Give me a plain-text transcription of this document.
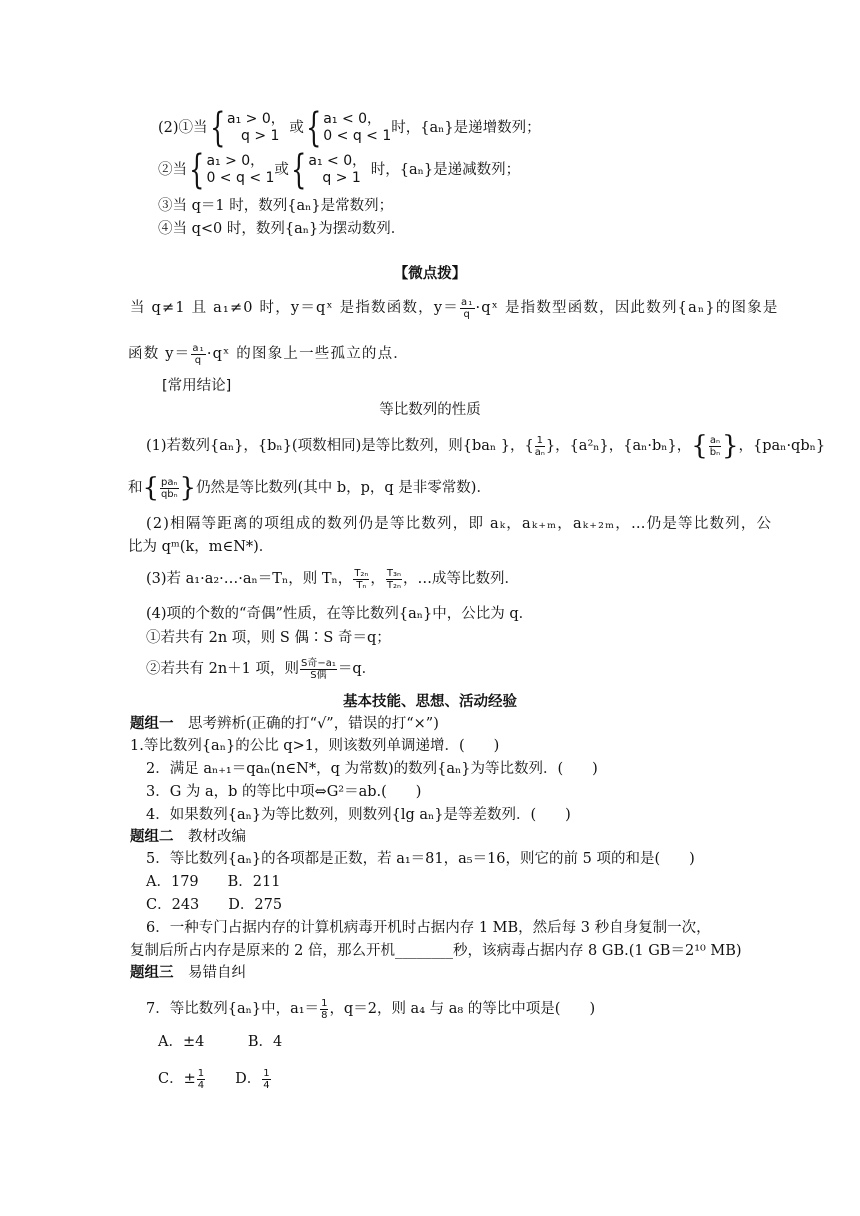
(2)①当{ a₁ > 0，
q > 1 或{ a₁ < 0，
0 < q < 1 时，{aₙ}是递增数列；
②当{ a₁ > 0，
0 < q < 1 或{ a₁ < 0，
q > 1 时，{aₙ}是递减数列；
③当 q＝1 时，数列{aₙ}是常数列；
④当 q<0 时，数列{aₙ}为摆动数列．
【微点拨】
当 q≠1 且 a₁≠0 时，y＝qˣ 是指数函数，$y= \frac{\text{a₁}}{q}$ ·qˣ 是指数型函数，因此数列{aₙ}的图象是
函数 $y= \frac{\text{a₁}}{q}$ ·qˣ 的图象上一些孤立的点．
[常用结论]
等比数列的性质
(1)若数列{aₙ}，{bₙ}(项数相同)是等比数列，则{baₙ }，{ $\frac{1}{\text{aₙ}}$ }，{a²ₙ}，{aₙ·bₙ}，{ $\frac{\text{aₙ}}{\text{bₙ}}$ }，{paₙ·qbₙ}
和{ $\frac{\text{paₙ}}{\text{qbₙ}}$ }仍然是等比数列(其中 b，p，q 是非零常数)．
(2)相隔等距离的项组成的数列仍是等比数列，即 aₖ，aₖ₊ₘ，aₖ₊₂ₘ，…仍是等比数列，公
比为 qᵐ(k，m∈N*)．
(3)若 a₁·a₂·…·aₙ＝Tₙ，则 Tₙ， $\frac{\text{T₂ₙ}}{\text{Tₙ}}$ ， $\frac{\text{T₃ₙ}}{\text{T₂ₙ}}$ ，…成等比数列．
(4)项的个数的“奇偶”性质，在等比数列{aₙ}中，公比为 q．
①若共有 2n 项，则 S 偶∶S 奇＝q；
②若共有 2n＋1 项，则 $\frac{\text{S奇−a₁}}{\text{S偶}} =q$．
基本技能、思想、活动经验
题组一　思考辨析(正确的打“√”，错误的打“×”)
1.等比数列{aₙ}的公比 q>1，则该数列单调递增．(　　)
2．满足 aₙ₊₁＝qaₙ(n∈N*，q 为常数)的数列{aₙ}为等比数列．(　　)
3．G 为 a，b 的等比中项⇔G²＝ab.(　　)
4．如果数列{aₙ}为等比数列，则数列{lg aₙ}是等差数列．(　　)
题组二　教材改编
5．等比数列{aₙ}的各项都是正数，若 a₁＝81，a₅＝16，则它的前 5 项的和是(　　)
A．179　　B．211
C．243　　D．275
6．一种专门占据内存的计算机病毒开机时占据内存 1 MB，然后每 3 秒自身复制一次，
复制后所占内存是原来的 2 倍，那么开机________秒，该病毒占据内存 8 GB.(1 GB＝2¹⁰ MB)
题组三　易错自纠
7．等比数列{aₙ}中，$a_1= \frac{1}{8}$ ，q＝2，则 a₄ 与 a₈ 的等比中项是(　　)
A．±4　　　B．4
C．± $\frac{1}{4}$ 　　D． $\frac{1}{4}$
